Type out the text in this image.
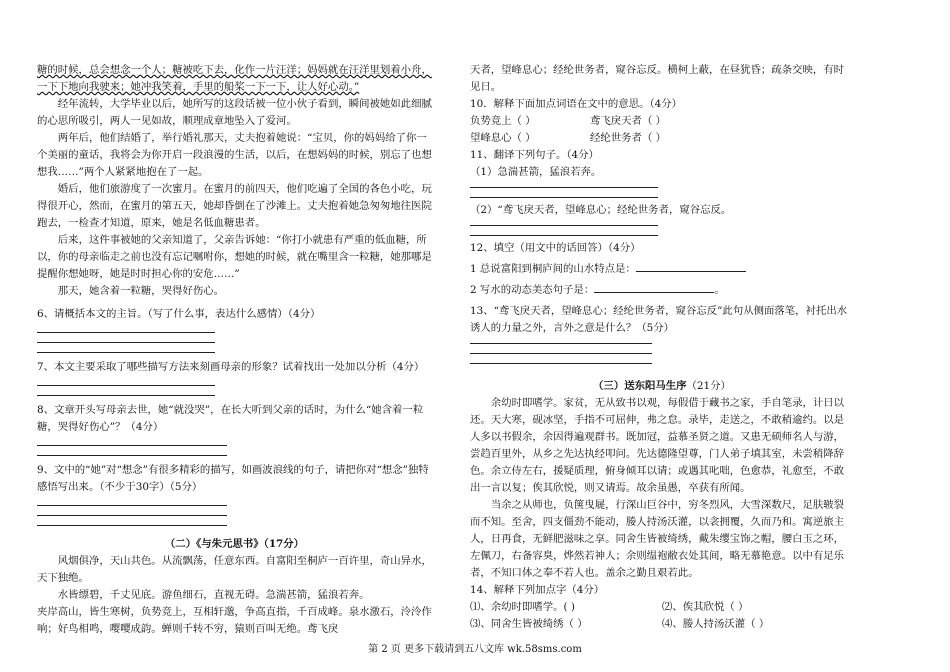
糖的时候，总会想念一个人；糖被吃下去，化作一片汪洋；妈妈就在汪洋里划着小舟，一下下地向我驶来；她冲我笑着，手里的船桨一下一下，让人好心动。”

经年流转，大学毕业以后，她所写的这段话被一位小伙子看到，瞬间被她如此细腻的心思所吸引，两人一见如故，顺理成章地坠入了爱河。

两年后，他们结婚了，举行婚礼那天，丈夫抱着她说：“宝贝，你的妈妈给了你一个美丽的童话，我将会为你开启一段浪漫的生活，以后，在想妈妈的时候，别忘了也想想我……”两个人紧紧地抱在了一起。

婚后，他们旅游度了一次蜜月。在蜜月的前四天，他们吃遍了全国的各色小吃，玩得很开心，然而，在蜜月的第五天，她却昏倒在了沙滩上。丈夫抱着她急匆匆地往医院跑去，一检查才知道，原来，她是名低血糖患者。

后来，这件事被她的父亲知道了，父亲告诉她：“你打小就患有严重的低血糖，所以，你的母亲临走之前也没有忘记嘱咐你，想她的时候，就在嘴里含一粒糖，她那哪是提醒你想她呀，她是时时担心你的安危……”

那天，她含着一粒糖，哭得好伤心。

6、请概括本文的主旨。（写了什么事，表达什么感情）（4分）

7、本文主要采取了哪些描写方法来刻画母亲的形象？试着找出一处加以分析（4分）

8、文章开头写母亲去世，她“就没哭”，在长大听到父亲的话时，为什么“她含着一粒糖，哭得好伤心”？（4分）

9、文中的“她”对“想念”有很多精彩的描写，如画波浪线的句子，请把你对“想念”独特感悟写出来。（不少于30字）（5分）

（二）《与朱元思书》（17分）

风烟俱净，天山共色。从流飘荡，任意东西。自富阳至桐庐一百许里，奇山异水，天下独绝。

水皆缥碧，千丈见底。游鱼细石，直视无碍。急湍甚箭，猛浪若奔。

夹岸高山，皆生寒树，负势竞上，互相轩邈，争高直指，千百成峰。泉水激石，泠泠作响；好鸟相鸣，嘤嘤成韵。蝉则千转不穷，猿则百叫无绝。鸢飞戾

天者，望峰息心；经纶世务者，窥谷忘反。横柯上蔽，在昼犹昏；疏条交映，有时见日。

10．解释下面加点词语在文中的意思。（4分）

负势竞上（ ）	鸢飞戾天者（ ）
望峰息心（ ）	经纶世务者（ ）

11、翻译下列句子。（4分）

（1）急湍甚箭，猛浪若奔。

（2）“鸢飞戾天者，望峰息心；经纶世务者，窥谷忘反。

12、填空（用文中的话回答）（4分）

1 总说富阳到桐庐间的山水特点是：

2 写水的动态美态句子是：	。

13、“鸢飞戾天者，望峰息心；经纶世务者，窥谷忘反”此句从侧面落笔，衬托出水诱人的力量之外，言外之意是什么？（5分）

（三）送东阳马生序（21分）

余幼时即嗜学。家贫，无从致书以观，每假借于藏书之家，手自笔录，计日以还。天大寒，砚冰坚，手指不可屈伸，弗之怠。录毕，走送之，不敢稍逾约。以是人多以书假余，余因得遍观群书。既加冠，益慕圣贤之道。又患无硕师名人与游，尝趋百里外，从乡之先达执经叩问。先达德隆望尊，门人弟子填其室，未尝稍降辞色。余立侍左右，援疑质理，俯身倾耳以请；或遇其叱咄，色愈恭，礼愈至，不敢出一言以复；俟其欣悦，则又请焉。故余虽愚，卒获有所闻。

当余之从师也，负箧曳屣，行深山巨谷中，穷冬烈风，大雪深数尺，足肤皲裂而不知。至舍，四支僵劲不能动，媵人持汤沃灌，以衾拥覆，久而乃和。寓逆旅主人，日再食，无鲜肥滋味之享。同舍生皆被绮绣，戴朱缨宝饰之帽，腰白玉之环，左佩刀，右备容臭，烨然若神人；余则缊袍敝衣处其间，略无慕艳意。以中有足乐者，不知口体之奉不若人也。盖余之勤且艰若此。

14、解释下列加点字（4分）

⑴、余幼时即嗜学。( )	⑵、俟其欣悦（ ）
⑶、同舍生皆被绮绣（ ）	⑷、媵人持汤沃灌（ ）
第 2 页 更多下载请到五八文库 wk.58sms.com
